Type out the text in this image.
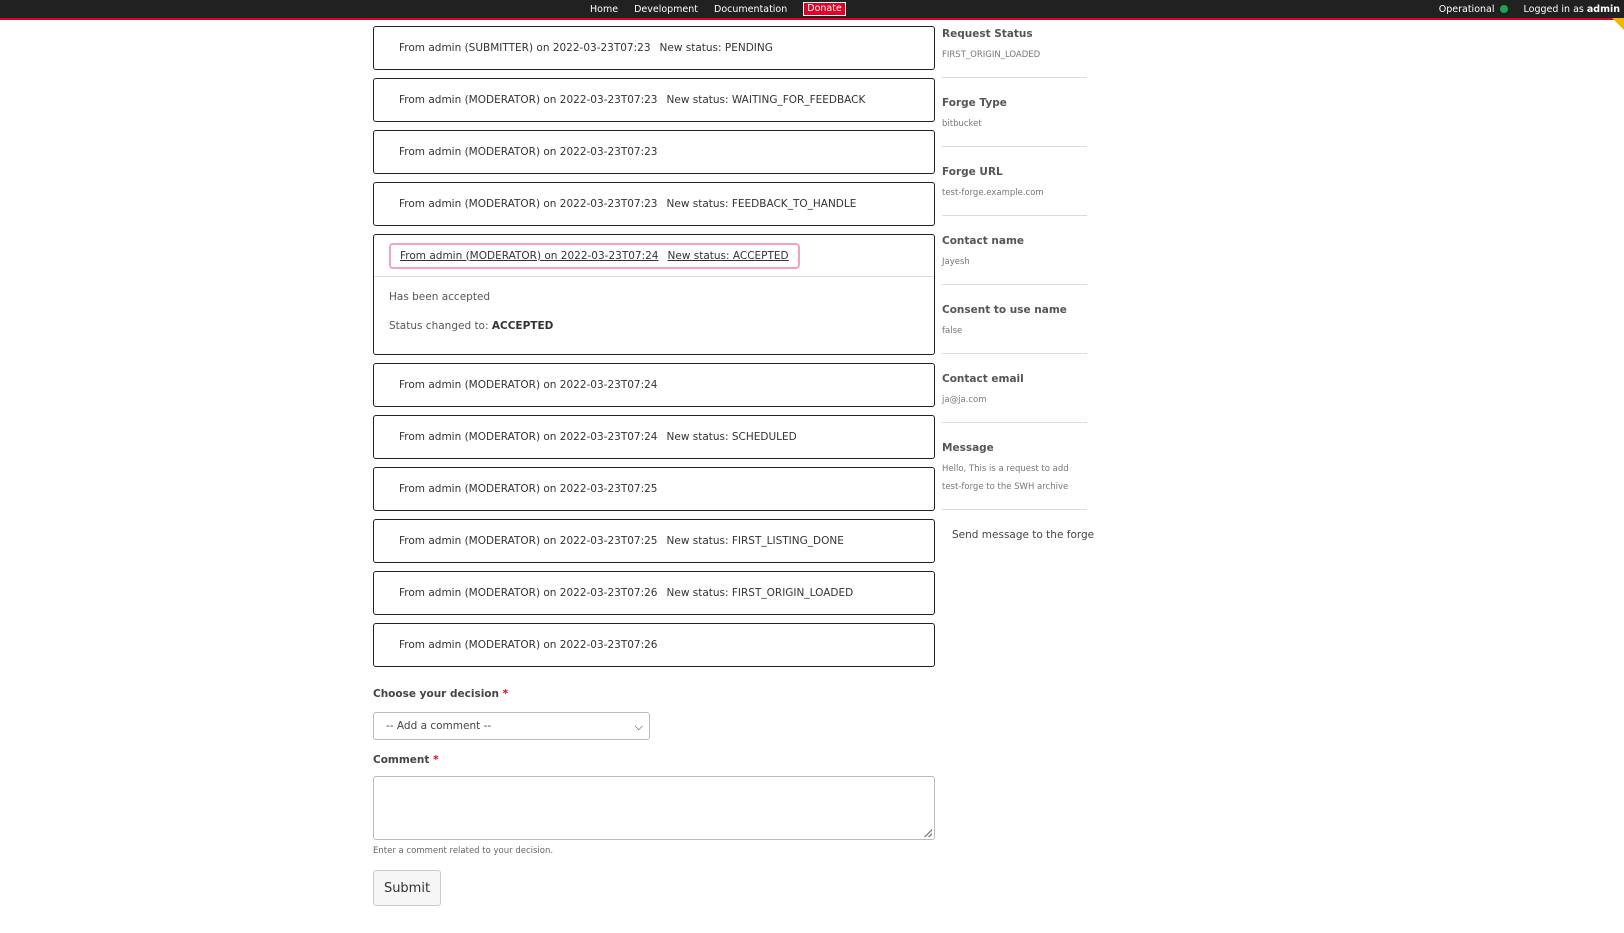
Home Development Documentation	Donate	Operational	Logged in as admin
From admin (SUBMITTER) on 2022-03-23T07:23 New status: PENDING
From admin (MODERATOR) on 2022-03-23T07:23 New status: WAITING_FOR_FEEDBACK
From admin (MODERATOR) on 2022-03-23T07:23
From admin (MODERATOR) on 2022-03-23T07:23 New status: FEEDBACK_TO_HANDLE
From admin (MODERATOR) on 2022-03-23T07:24 New status: ACCEPTED

Has been accepted

Status changed to: ACCEPTED

From admin (MODERATOR) on 2022-03-23T07:24
From admin (MODERATOR) on 2022-03-23T07:24 New status: SCHEDULED
From admin (MODERATOR) on 2022-03-23T07:25
From admin (MODERATOR) on 2022-03-23T07:25 New status: FIRST_LISTING_DONE
From admin (MODERATOR) on 2022-03-23T07:26 New status: FIRST_ORIGIN_LOADED
From admin (MODERATOR) on 2022-03-23T07:26
Choose your decision *
-- Add a comment --	⌵
Comment *
Enter a comment related to your decision.
Submit
Request Status
FIRST_ORIGIN_LOADED
Forge Type
bitbucket
Forge URL
test-forge.example.com
Contact name
Jayesh
Consent to use name
false
Contact email
ja@ja.com
Message
Hello, This is a request to add test-forge to the SWH archive
Send message to the forge
